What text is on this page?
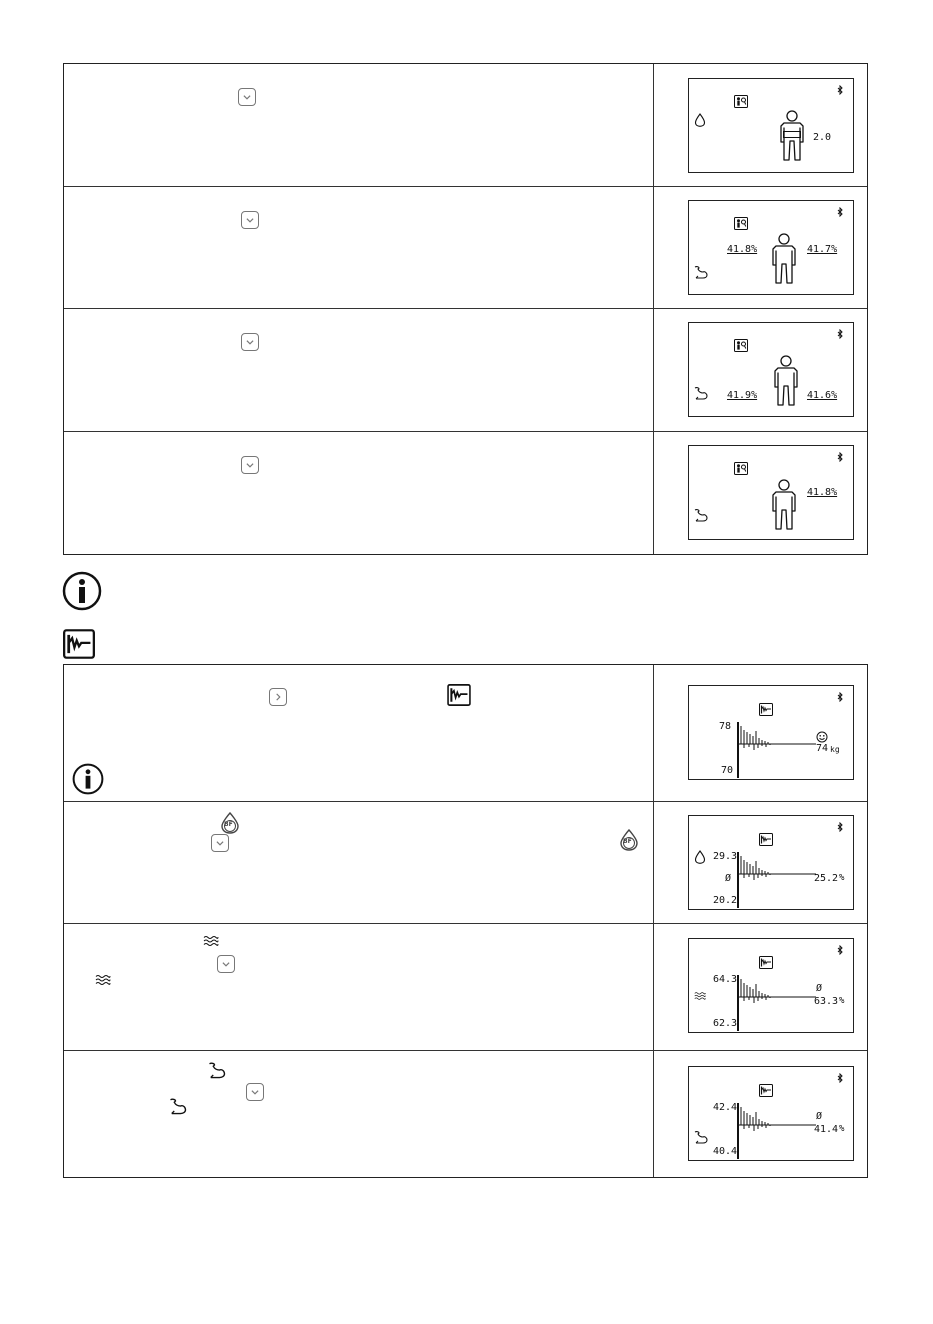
2.0
41.8%	41.7%
41.9%	41.6%
41.8%
78
74 kg
70
BF
BF
29.3
Ø	25.2 %
20.2
64.3
Ø
63.3 %
62.3
42.4
Ø
41.4 %
40.4
